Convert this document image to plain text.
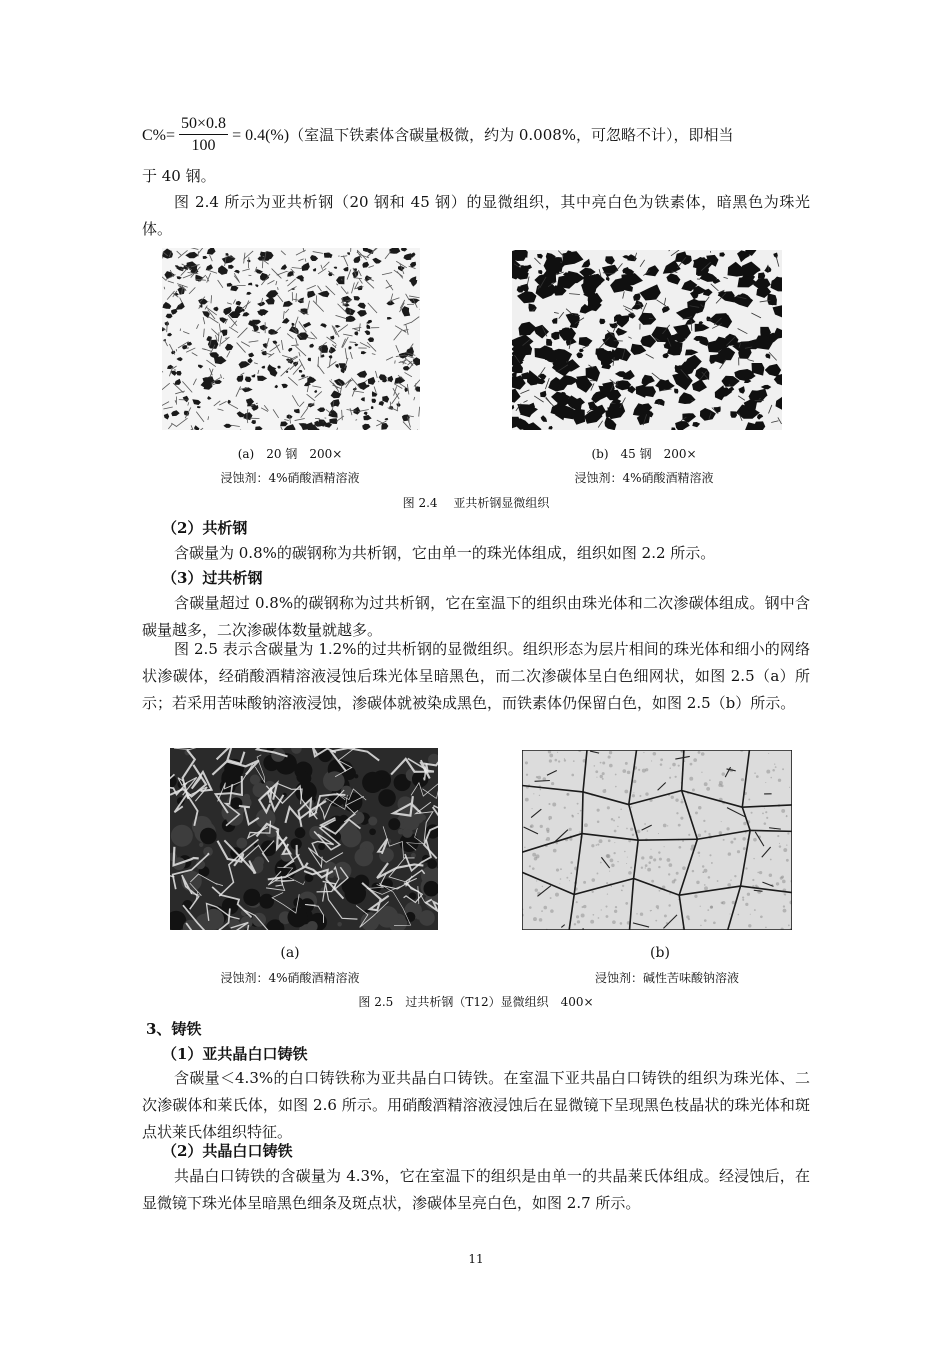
$C\%= \frac{50\times 0.8}{100} = 0.4(\%)$ （室温下铁素体含碳量极微，约为 0.008%，可忽略不计），即相当
于 40 钢。
图 2.4 所示为亚共析钢（20 钢和 45 钢）的显微组织，其中亮白色为铁素体，暗黑色为珠光体。
(a)　20 钢　200×
浸蚀剂：4%硝酸酒精溶液
(b)　45 钢　200×
浸蚀剂：4%硝酸酒精溶液
图 2.4　 亚共析钢显微组织
（2）共析钢
含碳量为 0.8%的碳钢称为共析钢，它由单一的珠光体组成，组织如图 2.2 所示。
（3）过共析钢
含碳量超过 0.8%的碳钢称为过共析钢，它在室温下的组织由珠光体和二次渗碳体组成。钢中含碳量越多，二次渗碳体数量就越多。
图 2.5 表示含碳量为 1.2%的过共析钢的显微组织。组织形态为层片相间的珠光体和细小的网络状渗碳体，经硝酸酒精溶液浸蚀后珠光体呈暗黑色，而二次渗碳体呈白色细网状，如图 2.5（a）所示；若采用苦味酸钠溶液浸蚀，渗碳体就被染成黑色，而铁素体仍保留白色，如图 2.5（b）所示。
(a)
浸蚀剂：4%硝酸酒精溶液
(b)
浸蚀剂：碱性苦味酸钠溶液
图 2.5　过共析钢（T12）显微组织　400×
3、铸铁
（1）亚共晶白口铸铁
含碳量＜4.3%的白口铸铁称为亚共晶白口铸铁。在室温下亚共晶白口铸铁的组织为珠光体、二次渗碳体和莱氏体，如图 2.6 所示。用硝酸酒精溶液浸蚀后在显微镜下呈现黑色枝晶状的珠光体和斑点状莱氏体组织特征。
（2）共晶白口铸铁
共晶白口铸铁的含碳量为 4.3%，它在室温下的组织是由单一的共晶莱氏体组成。经浸蚀后，在显微镜下珠光体呈暗黑色细条及斑点状，渗碳体呈亮白色，如图 2.7 所示。
11
